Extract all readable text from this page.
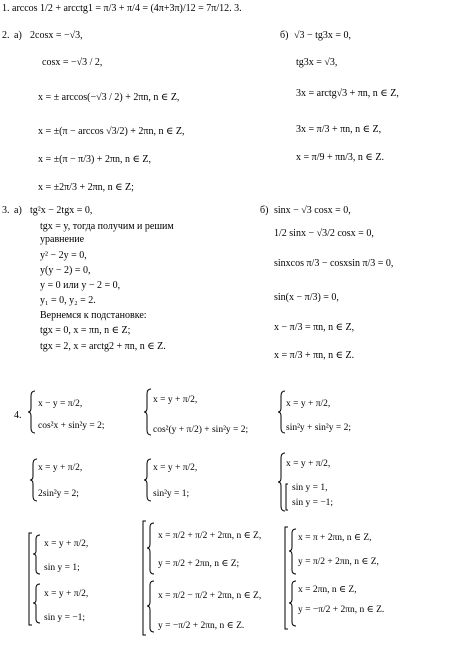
1. arccos 1/2 + arcctg1 = π/3 + π/4 = (4π+3π)/12 = 7π/12. 3.
2. а) 2cosx = −√3,
cosx = −√3 / 2,
x = ± arccos(−√3 / 2) + 2πn, n ∈ Z,
x = ±(π − arccos √3/2) + 2πn, n ∈ Z,
x = ±(π − π/3) + 2πn, n ∈ Z,
x = ±2π/3 + 2πn, n ∈ Z;
б) √3 − tg3x = 0,
tg3x = √3,
3x = arctg√3 + πn, n ∈ Z,
3x = π/3 + πn, n ∈ Z,
x = π/9 + πn/3, n ∈ Z.
3. а) tg²x − 2tgx = 0,
tgx = y, тогда получим и решим
уравнение
y² − 2y = 0,
y(y − 2) = 0,
y = 0 или y − 2 = 0,
y₁ = 0, y₂ = 2.
Вернемся к подстановке:
tgx = 0, x = πn, n ∈ Z;
tgx = 2, x = arctg2 + πn, n ∈ Z.
б) sinx − √3 cosx = 0,
1/2 sinx − √3/2 cosx = 0,
sinxcos π/3 − cosxsin π/3 = 0,
sin(x − π/3) = 0,
x − π/3 = πn, n ∈ Z,
x = π/3 + πn, n ∈ Z.
4.
x − y = π/2,
cos²x + sin²y = 2;
x = y + π/2,
cos²(y + π/2) + sin²y = 2;
x = y + π/2,
sin²y + sin²y = 2;
x = y + π/2,
2sin²y = 2;
x = y + π/2,
sin²y = 1;
x = y + π/2,
sin y = 1,
sin y = −1;
x = y + π/2,
sin y = 1;
x = y + π/2,
sin y = −1;
x = π/2 + π/2 + 2πn, n ∈ Z,
y = π/2 + 2πn, n ∈ Z;
x = π/2 − π/2 + 2πn, n ∈ Z,
y = −π/2 + 2πn, n ∈ Z.
x = π + 2πn, n ∈ Z,
y = π/2 + 2πn, n ∈ Z,
x = 2πn, n ∈ Z,
y = −π/2 + 2πn, n ∈ Z.
